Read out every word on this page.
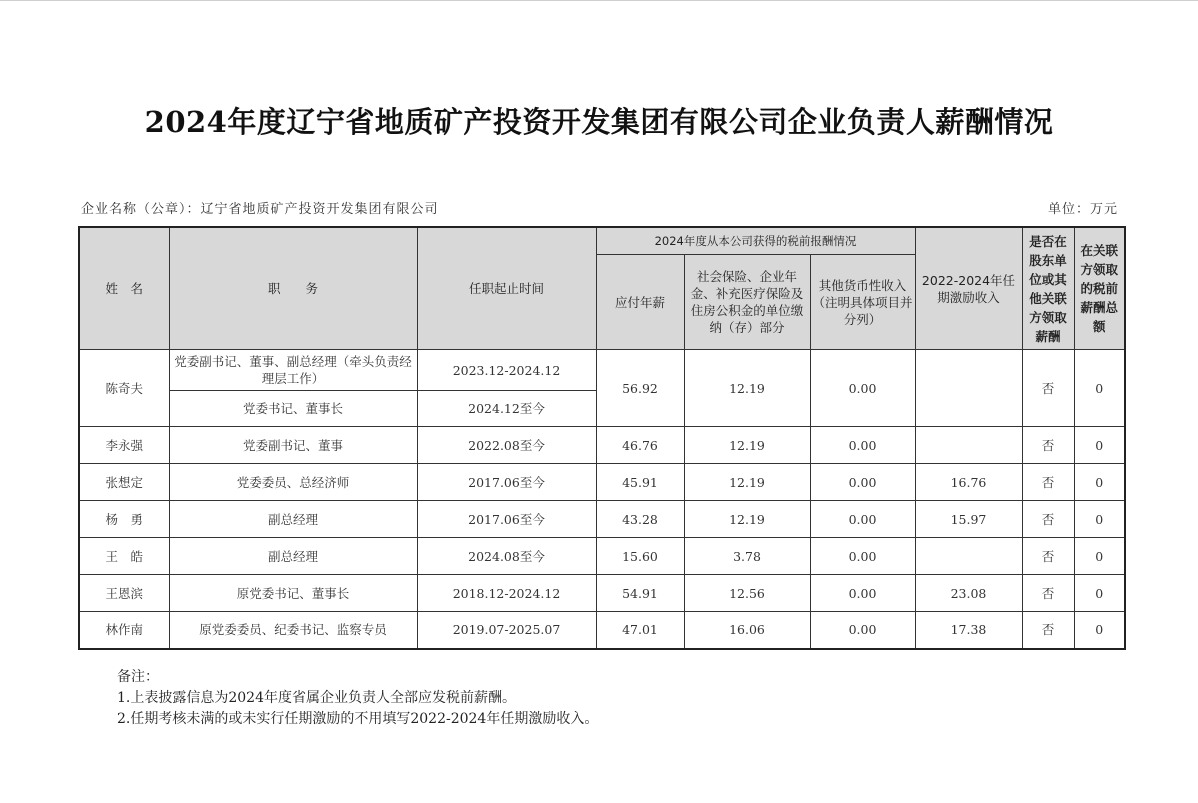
2024年度辽宁省地质矿产投资开发集团有限公司企业负责人薪酬情况
企业名称（公章）：辽宁省地质矿产投资开发集团有限公司	单位：万元
姓　名	职　　务	任职起止时间	2024年度从本公司获得的税前报酬情况			2022-2024年任期激励收入	是否在股东单位或其他关联方领取薪酬	在关联方领取的税前薪酬总额
			应付年薪	社会保险、企业年金、补充医疗保险及住房公积金的单位缴纳（存）部分	其他货币性收入（注明具体项目并分列）			
陈奇夫	党委副书记、董事、副总经理（牵头负责经理层工作）	2023.12-2024.12	56.92	12.19	0.00		否	0
	党委书记、董事长	2024.12至今						
李永强	党委副书记、董事	2022.08至今	46.76	12.19	0.00		否	0
张想定	党委委员、总经济师	2017.06至今	45.91	12.19	0.00	16.76	否	0
杨　勇	副总经理	2017.06至今	43.28	12.19	0.00	15.97	否	0
王　皓	副总经理	2024.08至今	15.60	3.78	0.00		否	0
王恩滨	原党委书记、董事长	2018.12-2024.12	54.91	12.56	0.00	23.08	否	0
林作南	原党委委员、纪委书记、监察专员	2019.07-2025.07	47.01	16.06	0.00	17.38	否	0
备注：
1.上表披露信息为2024年度省属企业负责人全部应发税前薪酬。
2.任期考核未满的或未实行任期激励的不用填写2022-2024年任期激励收入。
